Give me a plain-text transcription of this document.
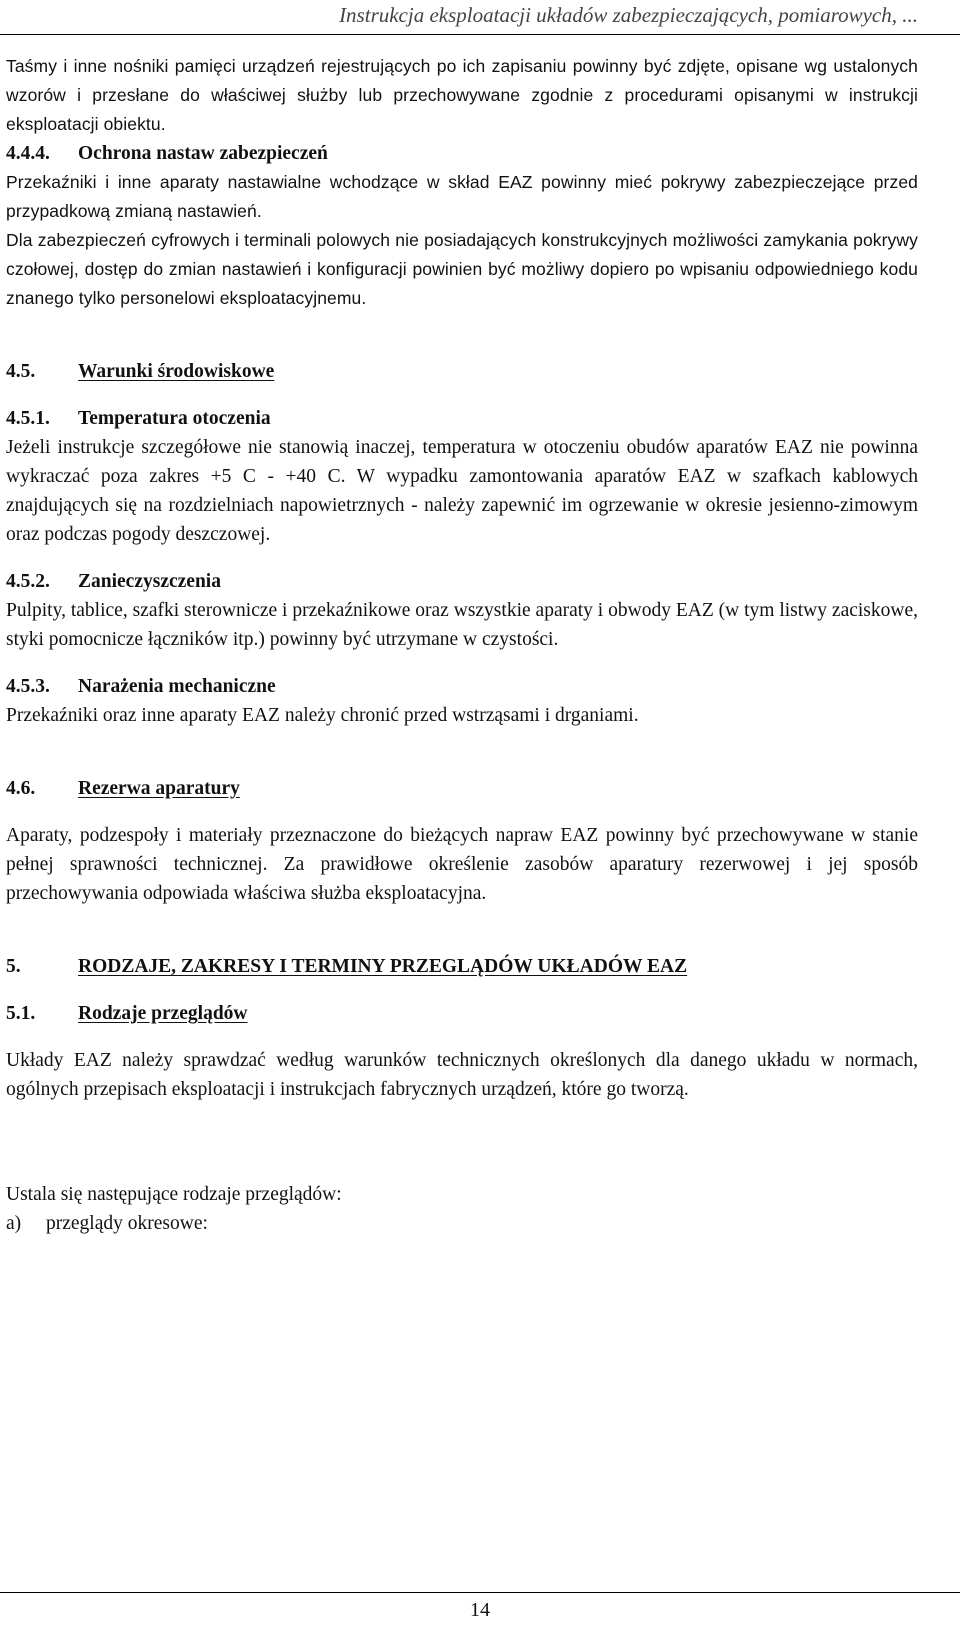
Instrukcja eksploatacji układów zabezpieczających, pomiarowych, ...

Taśmy i inne nośniki pamięci urządzeń rejestrujących po ich zapisaniu powinny być zdjęte, opisane wg ustalonych wzorów i przesłane do właściwej służby lub przechowywane zgodnie z procedurami opisanymi w instrukcji eksploatacji obiektu.

4.4.4.	Ochrona nastaw zabezpieczeń

Przekaźniki i inne aparaty nastawialne wchodzące w skład EAZ powinny mieć pokrywy zabezpieczejące przed przypadkową zmianą nastawień.

Dla zabezpieczeń cyfrowych i terminali polowych nie posiadających konstrukcyjnych możliwości zamykania pokrywy czołowej, dostęp do zmian nastawień i konfiguracji powinien być możliwy dopiero po wpisaniu odpowiedniego kodu znanego tylko personelowi eksploatacyjnemu.

4.5.	Warunki środowiskowe
4.5.1.	Temperatura otoczenia

Jeżeli instrukcje szczegółowe nie stanowią inaczej, temperatura w otoczeniu obudów aparatów EAZ nie powinna wykraczać poza zakres +5 C - +40 C. W wypadku zamontowania aparatów EAZ w szafkach kablowych znajdujących się na rozdzielniach napowietrznych - należy zapewnić im ogrzewanie w okresie jesienno-zimowym oraz podczas pogody deszczowej.

4.5.2.	Zanieczyszczenia

Pulpity, tablice, szafki sterownicze i przekaźnikowe oraz wszystkie aparaty i obwody EAZ (w tym listwy zaciskowe, styki pomocnicze łączników itp.) powinny być utrzymane w czystości.

4.5.3.	Narażenia mechaniczne

Przekaźniki oraz inne aparaty EAZ należy chronić przed wstrząsami i drganiami.

4.6.	Rezerwa aparatury

Aparaty, podzespoły i materiały przeznaczone do bieżących napraw EAZ powinny być przechowywane w stanie pełnej sprawności technicznej. Za prawidłowe określenie zasobów aparatury rezerwowej i jej sposób przechowywania odpowiada właściwa służba eksploatacyjna.

5.	RODZAJE, ZAKRESY I TERMINY PRZEGLĄDÓW UKŁADÓW EAZ
5.1.	Rodzaje przeglądów

Układy EAZ należy sprawdzać według warunków technicznych określonych dla danego układu w normach, ogólnych przepisach eksploatacji i instrukcjach fabrycznych urządzeń, które go tworzą.

Ustala się następujące rodzaje przeglądów:

a)	przeglądy okresowe:
14
